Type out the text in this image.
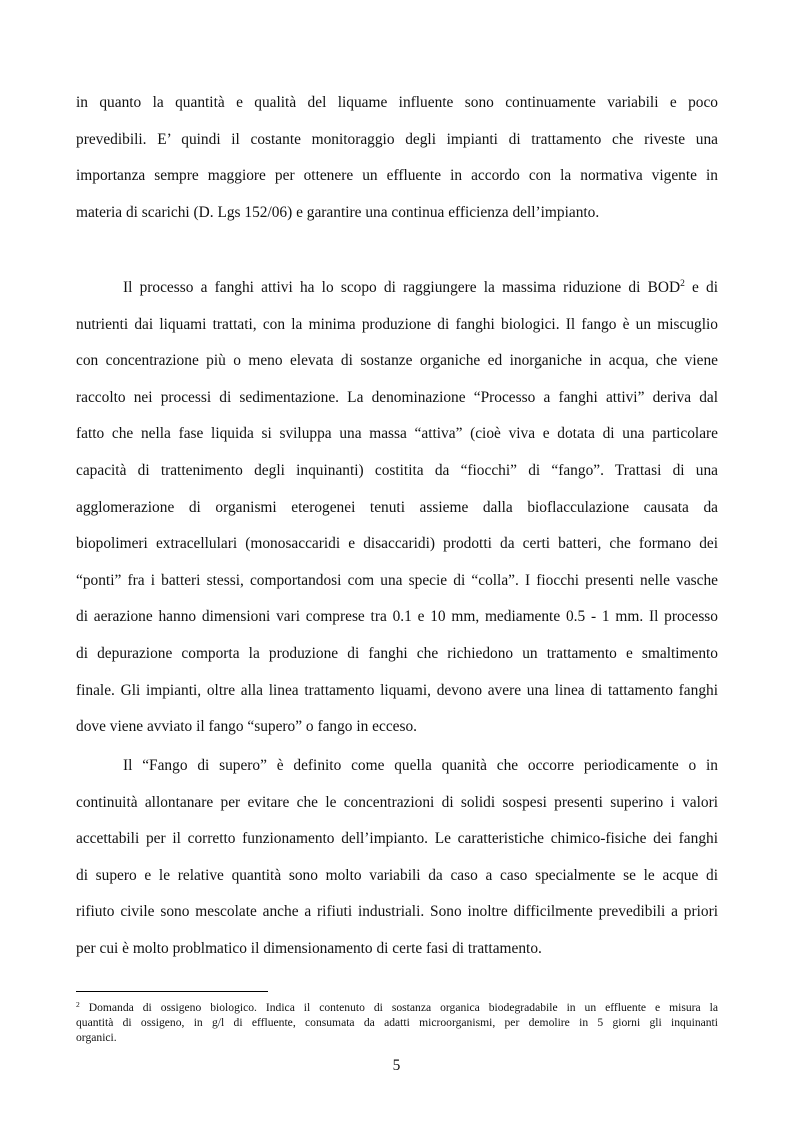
in quanto la quantità e qualità del liquame influente sono continuamente variabili e poco
prevedibili. E’ quindi il costante monitoraggio degli impianti di trattamento che riveste una
importanza sempre maggiore per ottenere un effluente in accordo con la normativa vigente in
materia di scarichi (D. Lgs 152/06) e garantire una continua efficienza dell’impianto.
Il processo a fanghi attivi ha lo scopo di raggiungere la massima riduzione di BOD$^2$ e di
nutrienti dai liquami trattati, con la minima produzione di fanghi biologici. Il fango è un miscuglio
con concentrazione più o meno elevata di sostanze organiche ed inorganiche in acqua, che viene
raccolto nei processi di sedimentazione. La denominazione “Processo a fanghi attivi” deriva dal
fatto che nella fase liquida si sviluppa una massa “attiva” (cioè viva e dotata di una particolare
capacità di trattenimento degli inquinanti) costitita da “fiocchi” di “fango”. Trattasi di una
agglomerazione di organismi eterogenei tenuti assieme dalla bioflacculazione causata da
biopolimeri extracellulari (monosaccaridi e disaccaridi) prodotti da certi batteri, che formano dei
“ponti” fra i batteri stessi, comportandosi com una specie di “colla”. I fiocchi presenti nelle vasche
di aerazione hanno dimensioni vari comprese tra 0.1 e 10 mm, mediamente 0.5 - 1 mm. Il processo
di depurazione comporta la produzione di fanghi che richiedono un trattamento e smaltimento
finale. Gli impianti, oltre alla linea trattamento liquami, devono avere una linea di tattamento fanghi
dove viene avviato il fango “supero” o fango in ecceso.
Il “Fango di supero” è definito come quella quanità che occorre periodicamente o in
continuità allontanare per evitare che le concentrazioni di solidi sospesi presenti superino i valori
accettabili per il corretto funzionamento dell’impianto. Le caratteristiche chimico-fisiche dei fanghi
di supero e le relative quantità sono molto variabili da caso a caso specialmente se le acque di
rifiuto civile sono mescolate anche a rifiuti industriali. Sono inoltre difficilmente prevedibili a priori
per cui è molto problmatico il dimensionamento di certe fasi di trattamento.
$^2$ Domanda di ossigeno biologico. Indica il contenuto di sostanza organica biodegradabile in un effluente e misura la
quantità di ossigeno, in g/l di effluente, consumata da adatti microorganismi, per demolire in 5 giorni gli inquinanti
organici.
5
